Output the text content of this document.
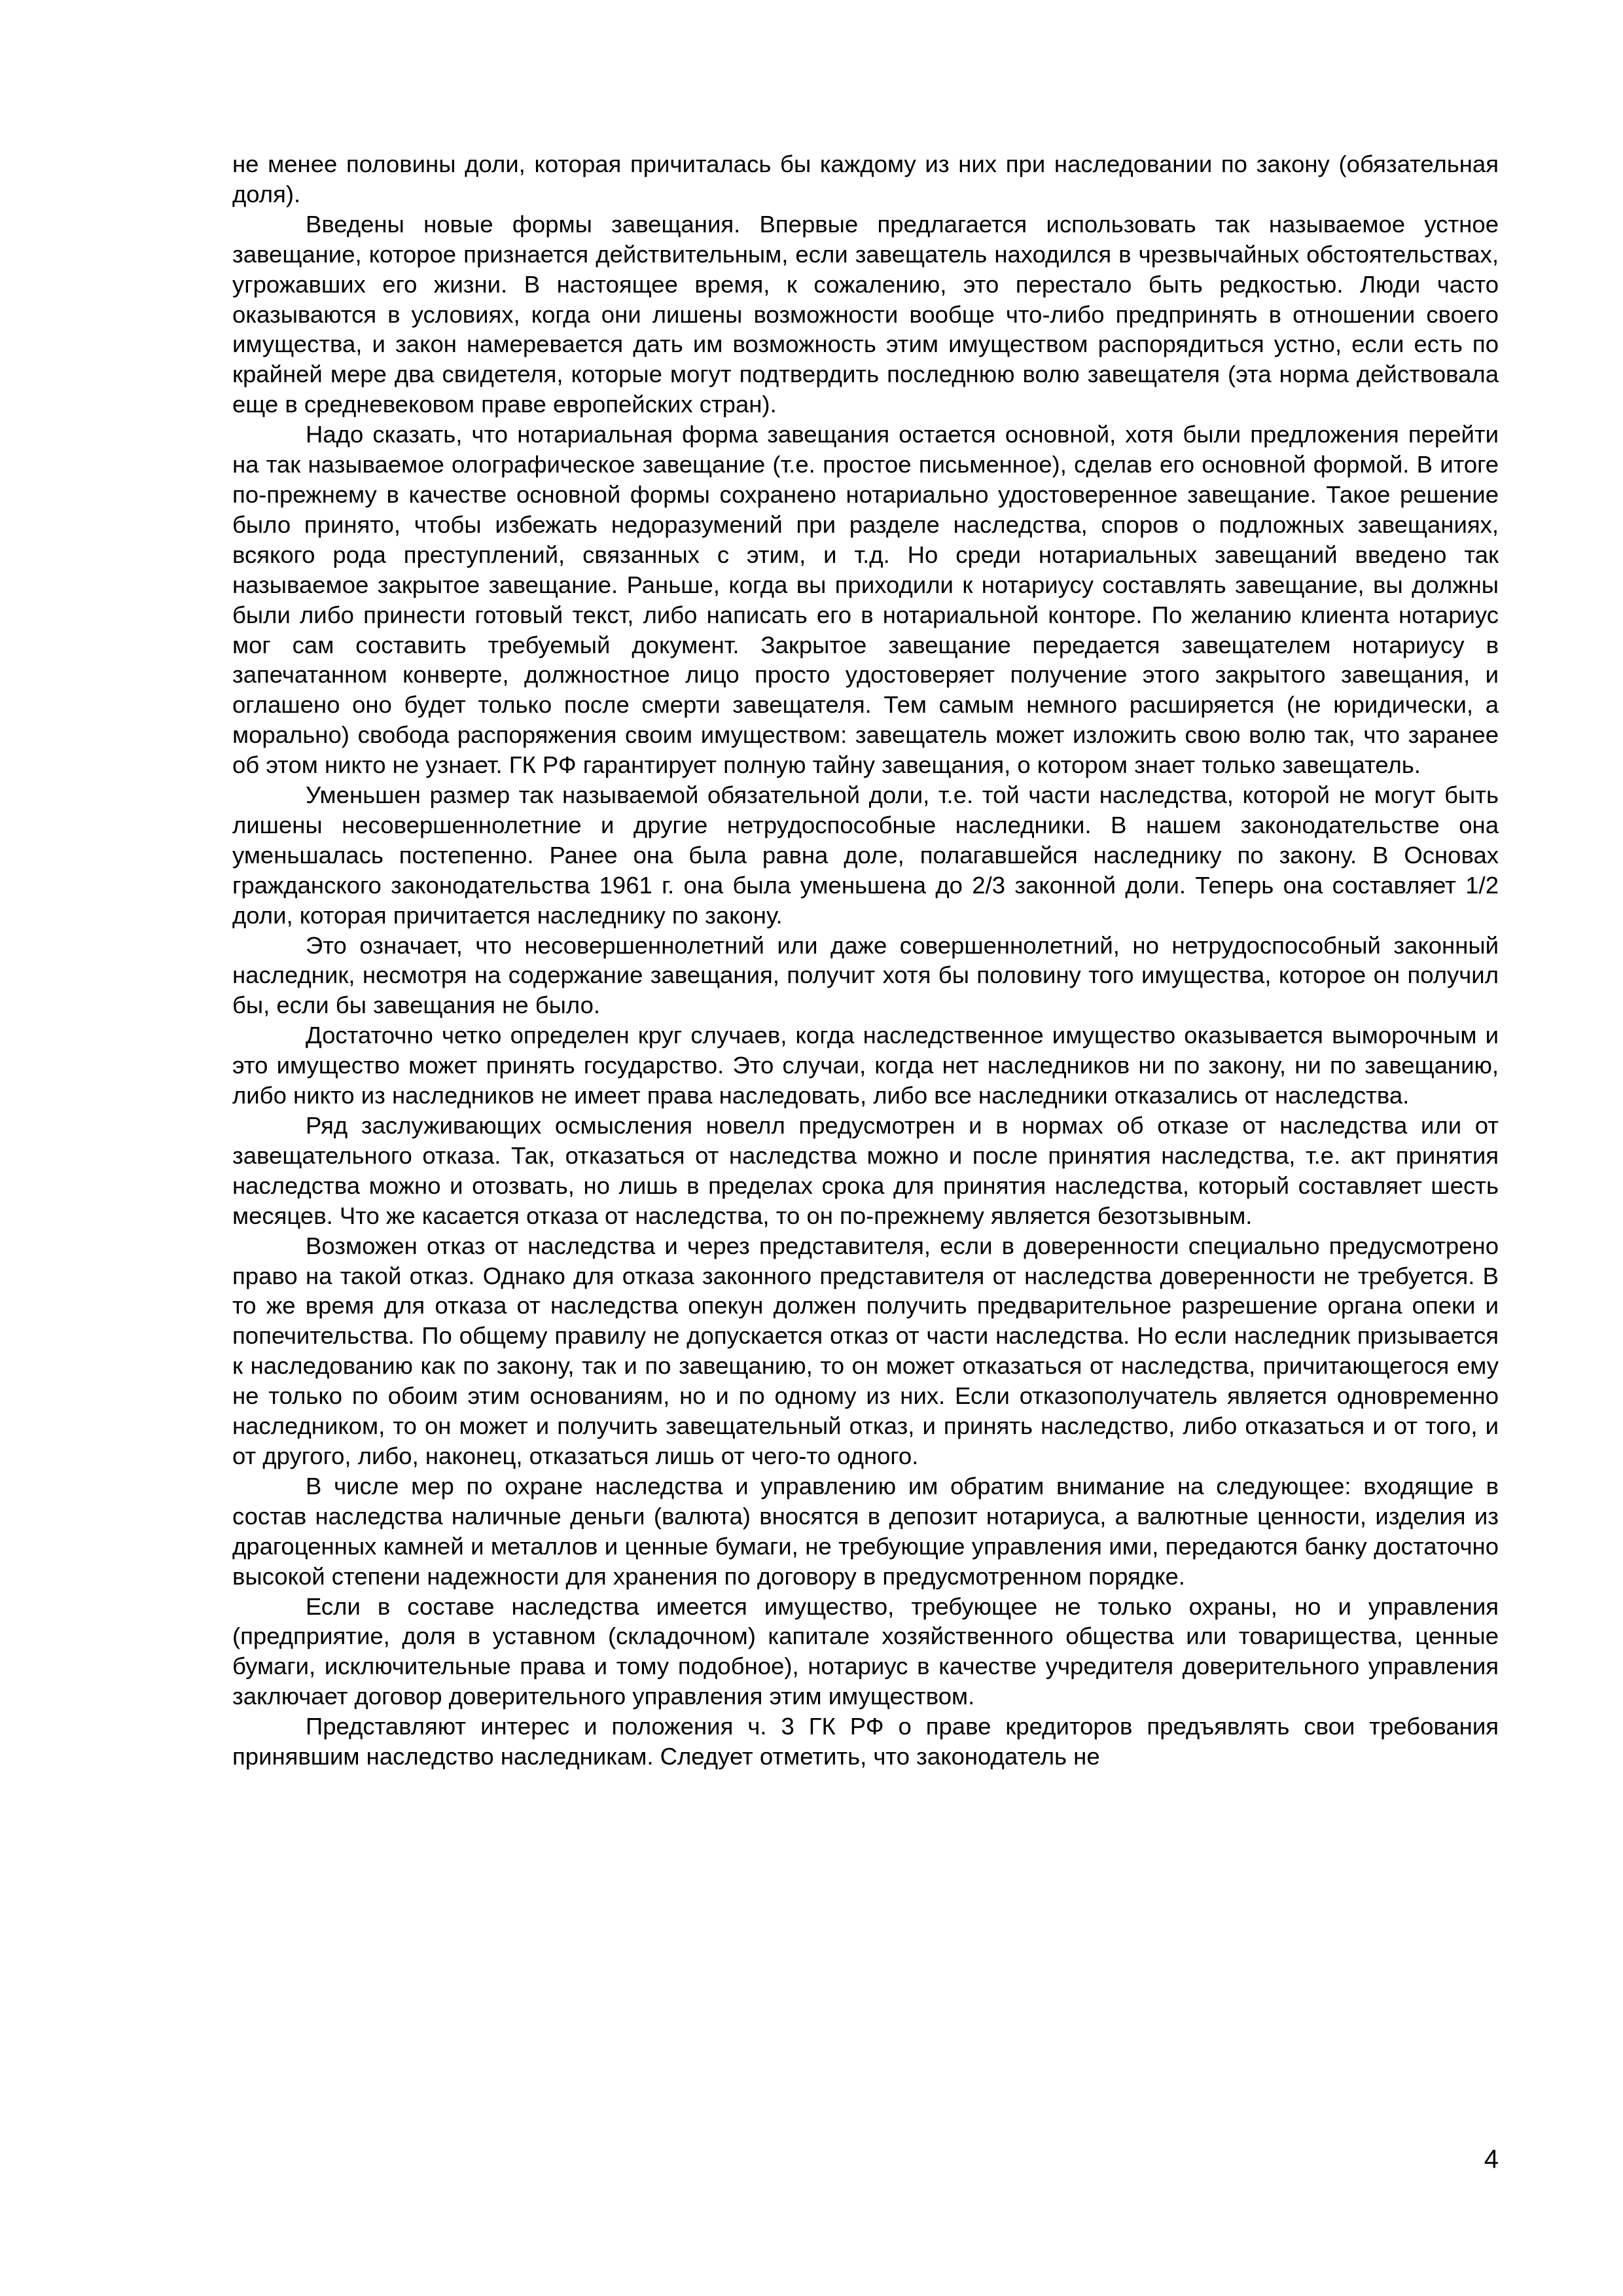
не менее половины доли, которая причиталась бы каждому из них при наследовании по закону (обязательная доля).

Введены новые формы завещания. Впервые предлагается использовать так называемое устное завещание, которое признается действительным, если завещатель находился в чрезвычайных обстоятельствах, угрожавших его жизни. В настоящее время, к сожалению, это перестало быть редкостью. Люди часто оказываются в условиях, когда они лишены возможности вообще что-либо предпринять в отношении своего имущества, и закон намеревается дать им возможность этим имуществом распорядиться устно, если есть по крайней мере два свидетеля, которые могут подтвердить последнюю волю завещателя (эта норма действовала еще в средневековом праве европейских стран).

Надо сказать, что нотариальная форма завещания остается основной, хотя были предложения перейти на так называемое олографическое завещание (т.е. простое письменное), сделав его основной формой. В итоге по-прежнему в качестве основной формы сохранено нотариально удостоверенное завещание. Такое решение было принято, чтобы избежать недоразумений при разделе наследства, споров о подложных завещаниях, всякого рода преступлений, связанных с этим, и т.д. Но среди нотариальных завещаний введено так называемое закрытое завещание. Раньше, когда вы приходили к нотариусу составлять завещание, вы должны были либо принести готовый текст, либо написать его в нотариальной конторе. По желанию клиента нотариус мог сам составить требуемый документ. Закрытое завещание передается завещателем нотариусу в запечатанном конверте, должностное лицо просто удостоверяет получение этого закрытого завещания, и оглашено оно будет только после смерти завещателя. Тем самым немного расширяется (не юридически, а морально) свобода распоряжения своим имуществом: завещатель может изложить свою волю так, что заранее об этом никто не узнает. ГК РФ гарантирует полную тайну завещания, о котором знает только завещатель.

Уменьшен размер так называемой обязательной доли, т.е. той части наследства, которой не могут быть лишены несовершеннолетние и другие нетрудоспособные наследники. В нашем законодательстве она уменьшалась постепенно. Ранее она была равна доле, полагавшейся наследнику по закону. В Основах гражданского законодательства 1961 г. она была уменьшена до 2/3 законной доли. Теперь она составляет 1/2 доли, которая причитается наследнику по закону.

Это означает, что несовершеннолетний или даже совершеннолетний, но нетрудоспособный законный наследник, несмотря на содержание завещания, получит хотя бы половину того имущества, которое он получил бы, если бы завещания не было.

Достаточно четко определен круг случаев, когда наследственное имущество оказывается выморочным и это имущество может принять государство. Это случаи, когда нет наследников ни по закону, ни по завещанию, либо никто из наследников не имеет права наследовать, либо все наследники отказались от наследства.

Ряд заслуживающих осмысления новелл предусмотрен и в нормах об отказе от наследства или от завещательного отказа. Так, отказаться от наследства можно и после принятия наследства, т.е. акт принятия наследства можно и отозвать, но лишь в пределах срока для принятия наследства, который составляет шесть месяцев. Что же касается отказа от наследства, то он по-прежнему является безотзывным.

Возможен отказ от наследства и через представителя, если в доверенности специально предусмотрено право на такой отказ. Однако для отказа законного представителя от наследства доверенности не требуется. В то же время для отказа от наследства опекун должен получить предварительное разрешение органа опеки и попечительства. По общему правилу не допускается отказ от части наследства. Но если наследник призывается к наследованию как по закону, так и по завещанию, то он может отказаться от наследства, причитающегося ему не только по обоим этим основаниям, но и по одному из них. Если отказополучатель является одновременно наследником, то он может и получить завещательный отказ, и принять наследство, либо отказаться и от того, и от другого, либо, наконец, отказаться лишь от чего-то одного.

В числе мер по охране наследства и управлению им обратим внимание на следующее: входящие в состав наследства наличные деньги (валюта) вносятся в депозит нотариуса, а валютные ценности, изделия из драгоценных камней и металлов и ценные бумаги, не требующие управления ими, передаются банку достаточно высокой степени надежности для хранения по договору в предусмотренном порядке.

Если в составе наследства имеется имущество, требующее не только охраны, но и управления (предприятие, доля в уставном (складочном) капитале хозяйственного общества или товарищества, ценные бумаги, исключительные права и тому подобное), нотариус в качестве учредителя доверительного управления заключает договор доверительного управления этим имуществом.

Представляют интерес и положения ч. 3 ГК РФ о праве кредиторов предъявлять свои требования принявшим наследство наследникам. Следует отметить, что законодатель не

4
